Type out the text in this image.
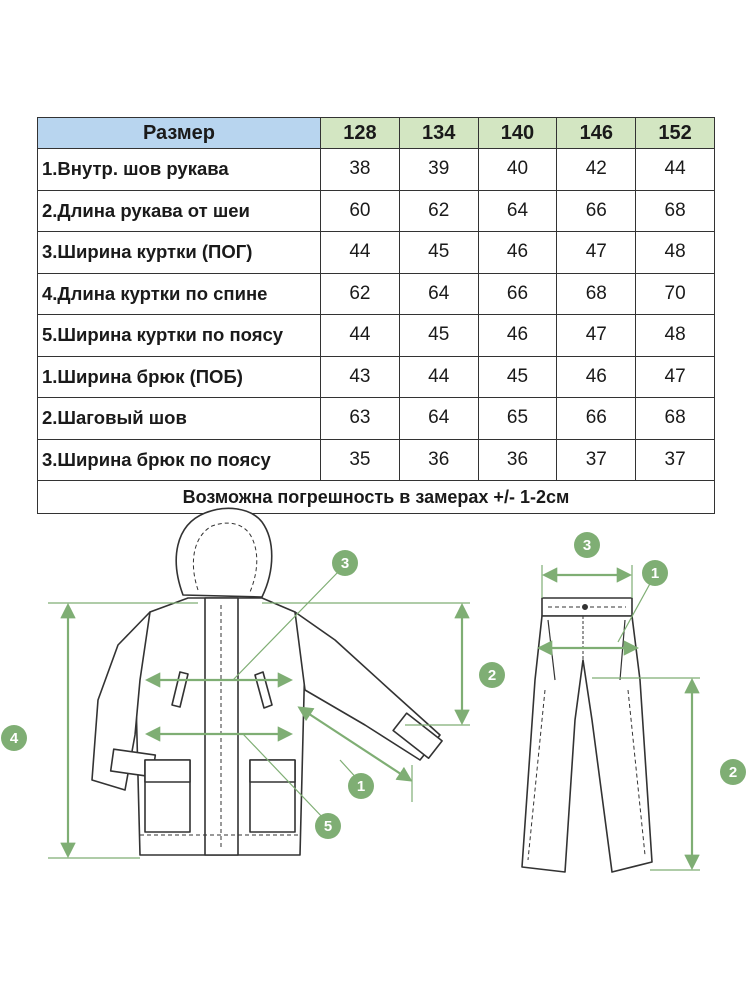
Размер	128	134	140	146	152
1.Внутр. шов рукава	38	39	40	42	44
2.Длина рукава от шеи	60	62	64	66	68
3.Ширина куртки (ПОГ)	44	45	46	47	48
4.Длина куртки по спине	62	64	66	68	70
5.Ширина куртки по поясу	44	45	46	47	48
1.Ширина брюк (ПОБ)	43	44	45	46	47
2.Шаговый шов	63	64	65	66	68
3.Ширина брюк по поясу	35	36	36	37	37
Возможна погрешность в замерах +/- 1-2см					
1
2
3
4
5
1
2
3
